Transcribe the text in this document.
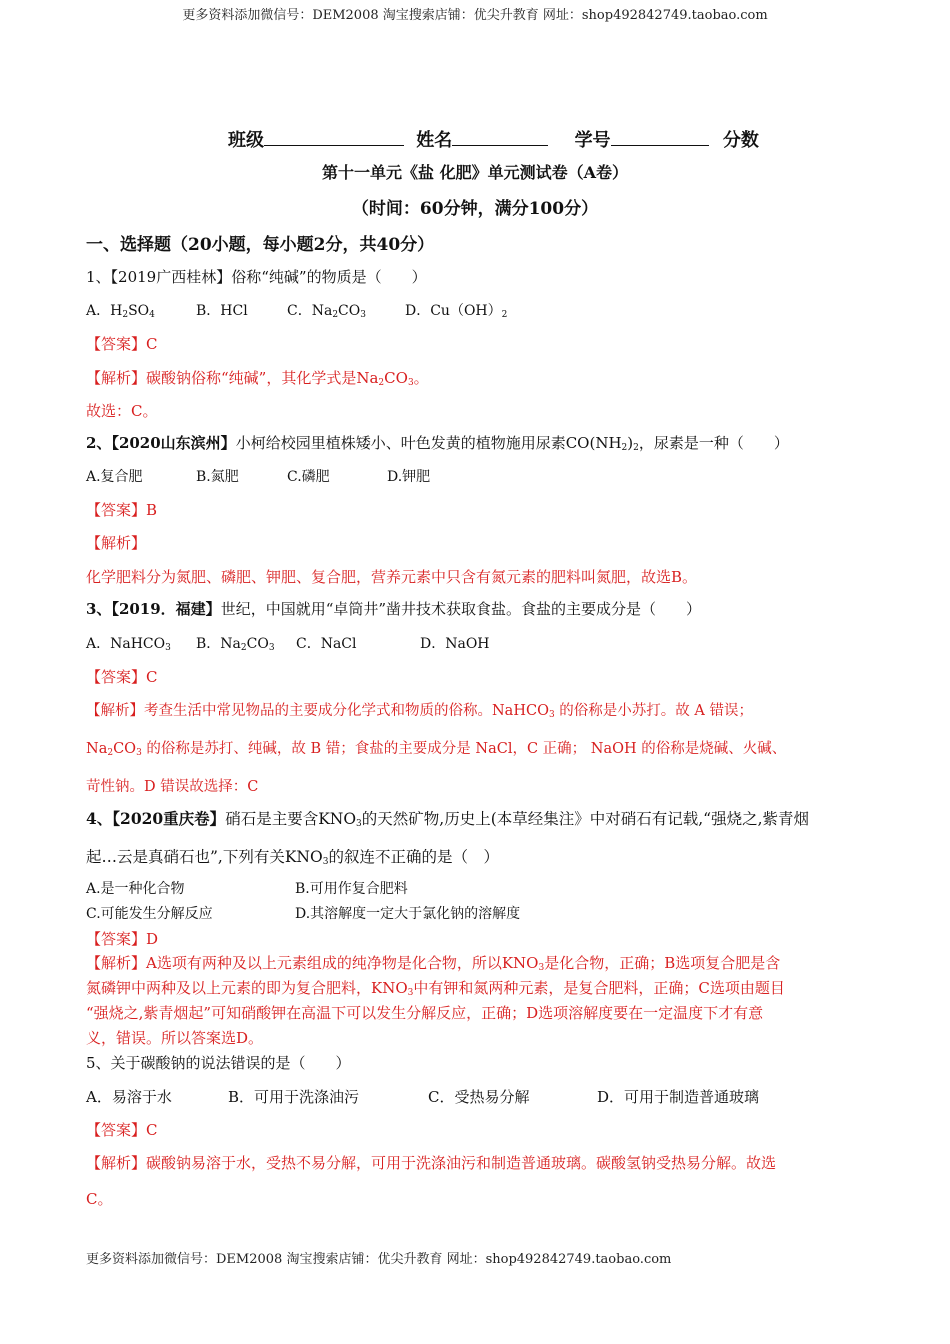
更多资料添加微信号：DEM2008 淘宝搜索店铺：优尖升教育 网址：shop492842749.taobao.com
班级	姓名	学号	分数
第十一单元《盐 化肥》单元测试卷（A卷）
（时间：60分钟，满分100分）
一、选择题（20小题，每小题2分，共40分）
1、【2019广西桂林】俗称“纯碱”的物质是（　　）
A．$H_2SO_4$	B．HCl	C．$Na_2CO_3$	D．$Cu(OH)_2$
【答案】C
【解析】碳酸钠俗称“纯碱”，其化学式是$Na_2CO_3$。
故选：C。
2、【2020山东滨州】小柯给校园里植株矮小、叶色发黄的植物施用尿素$CO(NH_2)_2$，尿素是一种（　　）
A.复合肥	B.氮肥	C.磷肥	D.钾肥
【答案】B
【解析】
化学肥料分为氮肥、磷肥、钾肥、复合肥，营养元素中只含有氮元素的肥料叫氮肥，故选B。
3、【2019．福建】世纪，中国就用“卓筒井”凿井技术获取食盐。食盐的主要成分是（　　）
A．NaHCO$_3$ B．$Na_2CO_3$ C．NaCl	D．NaOH
【答案】C
【解析】考查生活中常见物品的主要成分化学式和物质的俗称。NaHCO$_3$ 的俗称是小苏打。故 A 错误；
$Na_2CO_3$ 的俗称是苏打、纯碱，故 B 错；食盐的主要成分是 NaCl，C 正确； NaOH 的俗称是烧碱、火碱、
苛性钠。D 错误故选择：C
4、【2020重庆卷】硝石是主要含$KNO_3$的天然矿物,历史上(本草经集注》中对硝石有记载,“强烧之,紫青烟
起…云是真硝石也”,下列有关$KNO_3$的叙连不正确的是（　）
A.是一种化合物	B.可用作复合肥料
C.可能发生分解反应	D.其溶解度一定大于氯化钠的溶解度
【答案】D
【解析】A选项有两种及以上元素组成的纯净物是化合物，所以$KNO_3$是化合物，正确；B选项复合肥是含
氮磷钾中两种及以上元素的即为复合肥料，$KNO_3$中有钾和氮两种元素，是复合肥料，正确；C选项由题目
“强烧之,紫青烟起”可知硝酸钾在高温下可以发生分解反应，正确；D选项溶解度要在一定温度下才有意
义，错误。所以答案选D。
5、关于碳酸钠的说法错误的是（　　）
A．易溶于水	B．可用于洗涤油污	C．受热易分解	D．可用于制造普通玻璃
【答案】C
【解析】碳酸钠易溶于水，受热不易分解，可用于洗涤油污和制造普通玻璃。碳酸氢钠受热易分解。故选
C。
更多资料添加微信号：DEM2008 淘宝搜索店铺：优尖升教育 网址：shop492842749.taobao.com
